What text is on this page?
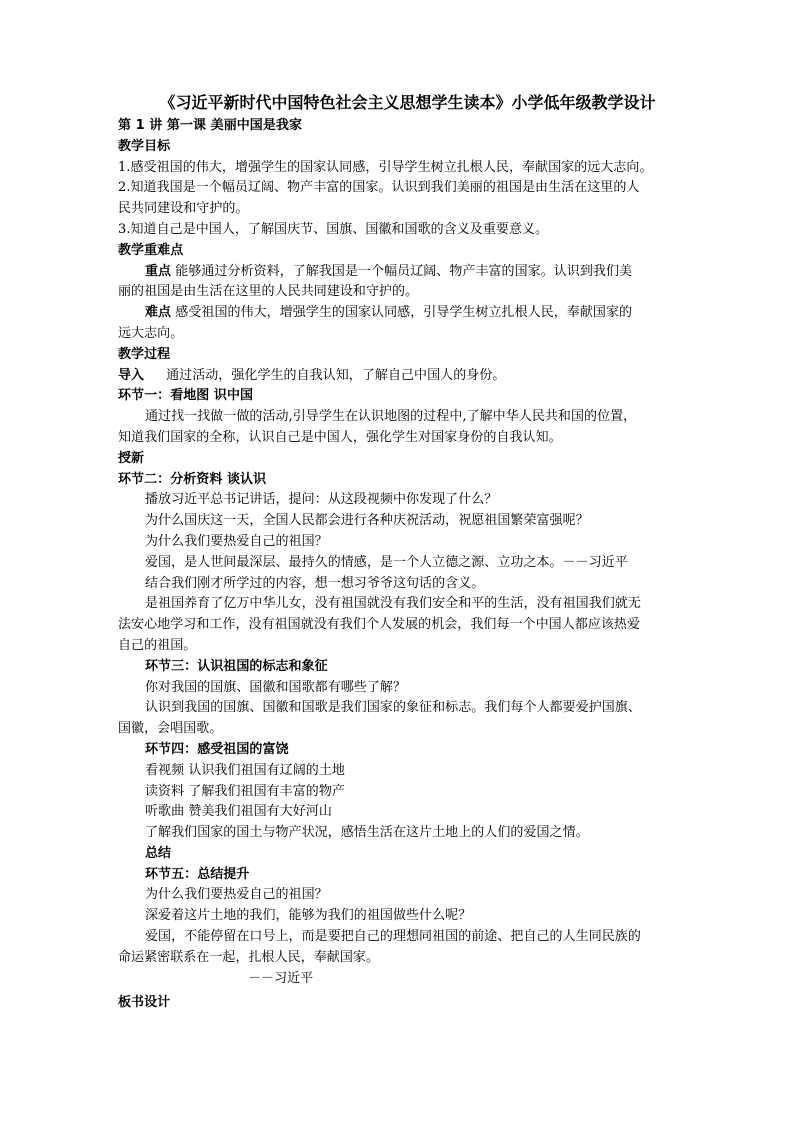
《习近平新时代中国特色社会主义思想学生读本》小学低年级教学设计
第 1 讲 第一课 美丽中国是我家
教学目标
1.感受祖国的伟大，增强学生的国家认同感，引导学生树立扎根人民，奉献国家的远大志向。
2.知道我国是一个幅员辽阔、物产丰富的国家。认识到我们美丽的祖国是由生活在这里的人
民共同建设和守护的。
3.知道自己是中国人，了解国庆节、国旗、国徽和国歌的含义及重要意义。
教学重难点
重点 能够通过分析资料，了解我国是一个幅员辽阔、物产丰富的国家。认识到我们美
丽的祖国是由生活在这里的人民共同建设和守护的。
难点 感受祖国的伟大，增强学生的国家认同感，引导学生树立扎根人民，奉献国家的
远大志向。
教学过程
导入 通过活动，强化学生的自我认知，了解自己中国人的身份。
环节一：看地图 识中国
通过找一找做一做的活动,引导学生在认识地图的过程中,了解中华人民共和国的位置，
知道我们国家的全称，认识自己是中国人，强化学生对国家身份的自我认知。
授新
环节二：分析资料 谈认识
播放习近平总书记讲话，提问：从这段视频中你发现了什么？
为什么国庆这一天，全国人民都会进行各种庆祝活动，祝愿祖国繁荣富强呢？
为什么我们要热爱自己的祖国？
爱国，是人世间最深层、最持久的情感，是一个人立德之源、立功之本。－－习近平
结合我们刚才所学过的内容，想一想习爷爷这句话的含义。
是祖国养育了亿万中华儿女，没有祖国就没有我们安全和平的生活，没有祖国我们就无
法安心地学习和工作，没有祖国就没有我们个人发展的机会，我们每一个中国人都应该热爱
自己的祖国。
环节三：认识祖国的标志和象征
你对我国的国旗、国徽和国歌都有哪些了解？
认识到我国的国旗、国徽和国歌是我们国家的象征和标志。我们每个人都要爱护国旗、
国徽，会唱国歌。
环节四：感受祖国的富饶
看视频 认识我们祖国有辽阔的土地
读资料 了解我们祖国有丰富的物产
听歌曲 赞美我们祖国有大好河山
了解我们国家的国土与物产状况，感悟生活在这片土地上的人们的爱国之情。
总结
环节五：总结提升
为什么我们要热爱自己的祖国？
深爱着这片土地的我们，能够为我们的祖国做些什么呢？
爱国，不能停留在口号上，而是要把自己的理想同祖国的前途、把自己的人生同民族的
命运紧密联系在一起，扎根人民，奉献国家。
－－习近平
板书设计
